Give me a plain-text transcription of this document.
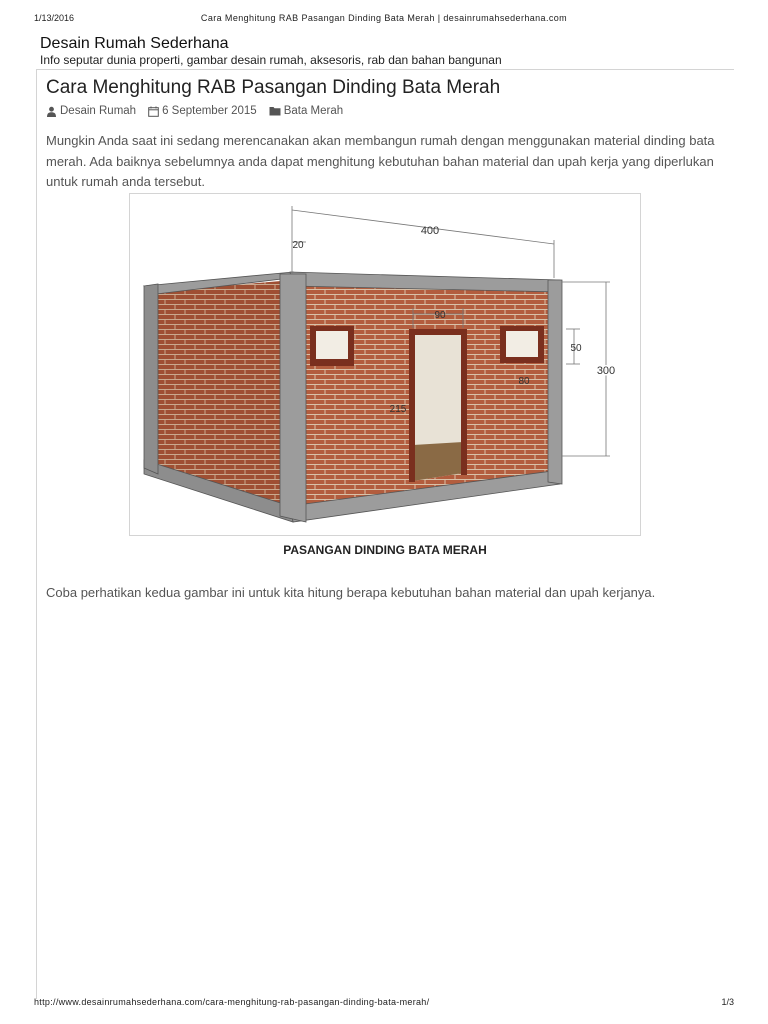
1/13/2016	Cara Menghitung RAB Pasangan Dinding Bata Merah | desainrumahsederhana.com
Desain Rumah Sederhana
Info seputar dunia properti, gambar desain rumah, aksesoris, rab dan bahan bangunan
Cara Menghitung RAB Pasangan Dinding Bata Merah
Desain Rumah 6 September 2015 Bata Merah

Mungkin Anda saat ini sedang merencanakan akan membangun rumah dengan menggunakan material dinding bata merah. Ada baiknya sebelumnya anda dapat menghitung kebutuhan bahan material dan upah kerja yang diperlukan untuk rumah anda tersebut.

400
20
90
50
80
215
300
PASANGAN DINDING BATA MERAH

Coba perhatikan kedua gambar ini untuk kita hitung berapa kebutuhan bahan material dan upah kerjanya.

http://www.desainrumahsederhana.com/cara-menghitung-rab-pasangan-dinding-bata-merah/	1/3
